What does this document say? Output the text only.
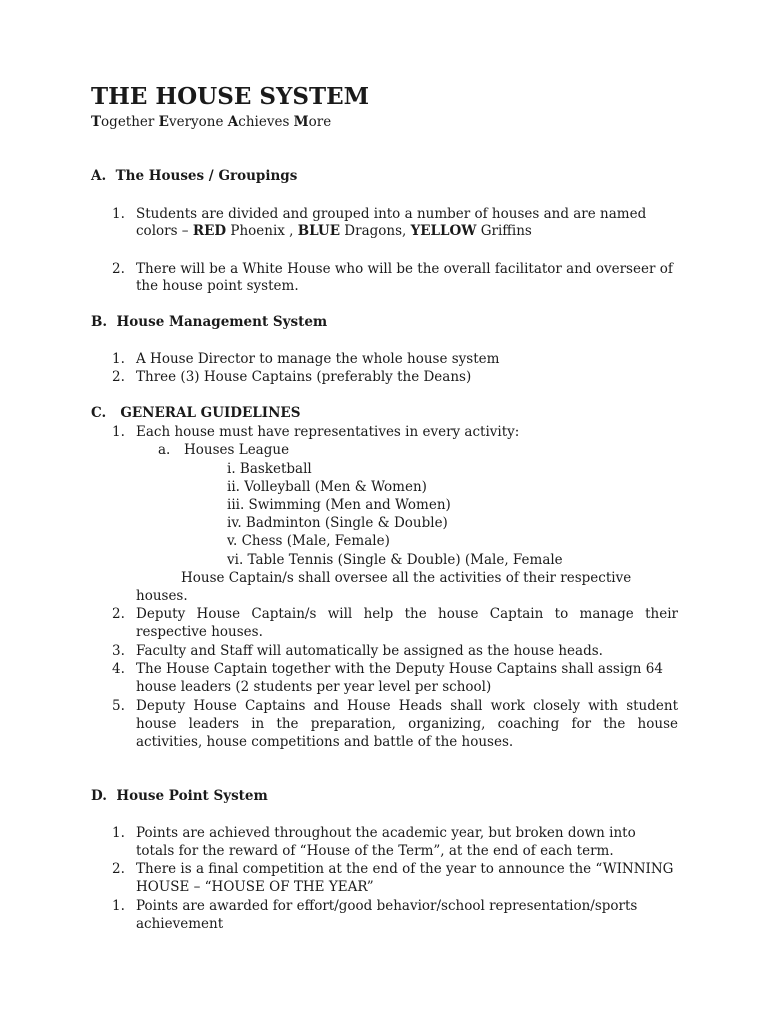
THE HOUSE SYSTEM
Together Everyone Achieves More
A. The Houses / Groupings
1. Students are divided and grouped into a number of houses and are named
colors – RED Phoenix , BLUE Dragons, YELLOW Griffins
2. There will be a White House who will be the overall facilitator and overseer of
the house point system.
B. House Management System
1. A House Director to manage the whole house system
2. Three (3) House Captains (preferably the Deans)
C. GENERAL GUIDELINES
1. Each house must have representatives in every activity:
a. Houses League
i. Basketball
ii. Volleyball (Men & Women)
iii. Swimming (Men and Women)
iv. Badminton (Single & Double)
v. Chess (Male, Female)
vi. Table Tennis (Single & Double) (Male, Female
House Captain/s shall oversee all the activities of their respective
houses.
2. Deputy House Captain/s will help the house Captain to manage their
respective houses.
3. Faculty and Staff will automatically be assigned as the house heads.
4. The House Captain together with the Deputy House Captains shall assign 64
house leaders (2 students per year level per school)
5. Deputy House Captains and House Heads shall work closely with student
house leaders in the preparation, organizing, coaching for the house
activities, house competitions and battle of the houses.
D. House Point System
1. Points are achieved throughout the academic year, but broken down into
totals for the reward of “House of the Term”, at the end of each term.
2. There is a final competition at the end of the year to announce the “WINNING
HOUSE – “HOUSE OF THE YEAR”
1. Points are awarded for effort/good behavior/school representation/sports
achievement
